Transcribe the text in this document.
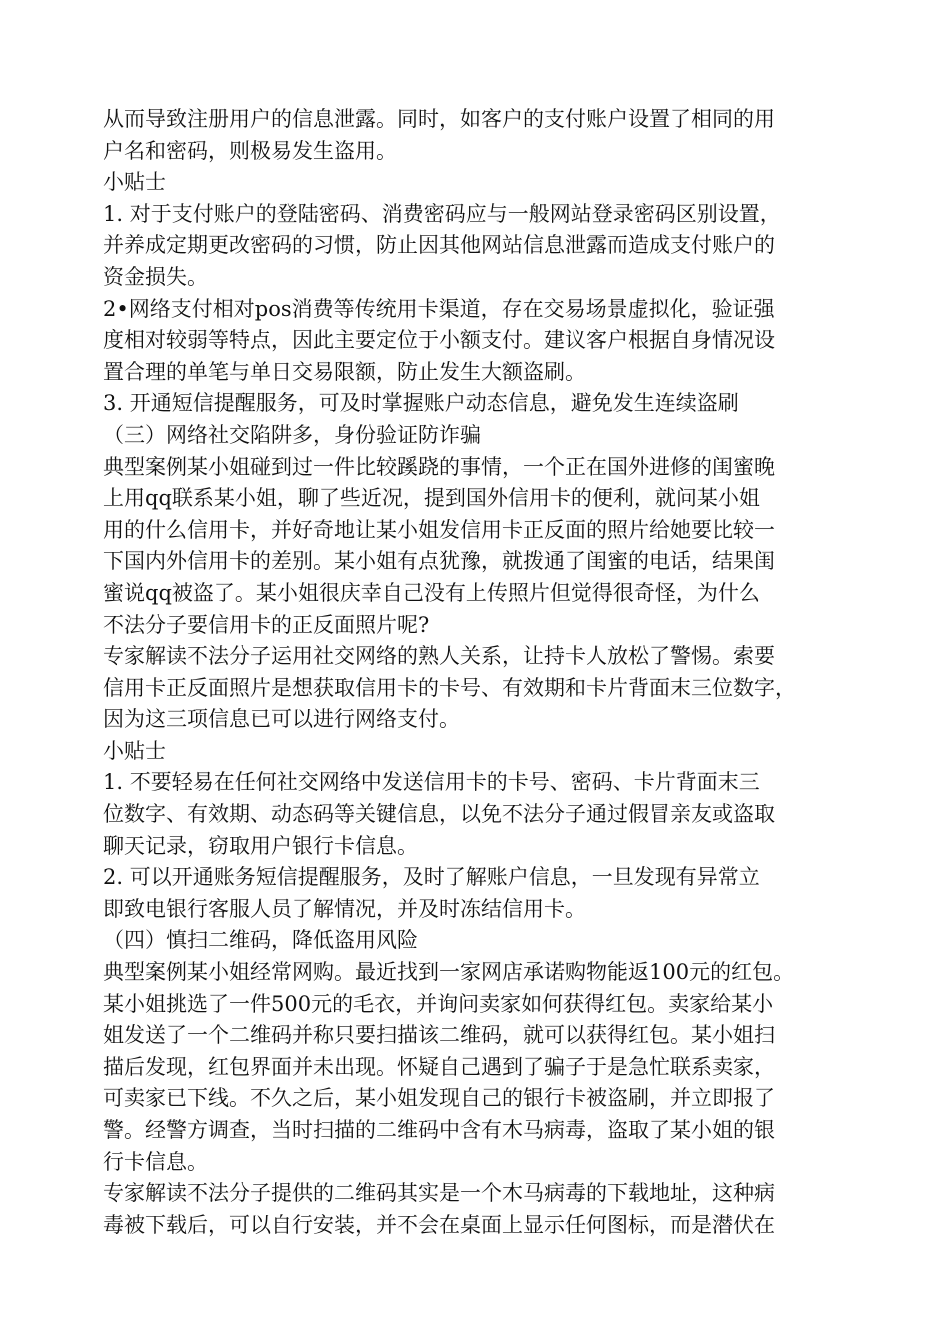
从而导致注册用户的信息泄露。同时，如客户的支付账户设置了相同的用
户名和密码，则极易发生盗用。
小贴士
1. 对于支付账户的登陆密码、消费密码应与一般网站登录密码区别设置，
并养成定期更改密码的习惯，防止因其他网站信息泄露而造成支付账户的
资金损失。
2•网络支付相对pos消费等传统用卡渠道，存在交易场景虚拟化，验证强
度相对较弱等特点，因此主要定位于小额支付。建议客户根据自身情况设
置合理的单笔与单日交易限额，防止发生大额盗刷。
3. 开通短信提醒服务，可及时掌握账户动态信息，避免发生连续盗刷
（三）网络社交陷阱多，身份验证防诈骗
典型案例某小姐碰到过一件比较蹊跷的事情，一个正在国外进修的闺蜜晚
上用qq联系某小姐，聊了些近况，提到国外信用卡的便利，就问某小姐
用的什么信用卡，并好奇地让某小姐发信用卡正反面的照片给她要比较一
下国内外信用卡的差别。某小姐有点犹豫，就拨通了闺蜜的电话，结果闺
蜜说qq被盗了。某小姐很庆幸自己没有上传照片但觉得很奇怪，为什么
不法分子要信用卡的正反面照片呢?
专家解读不法分子运用社交网络的熟人关系，让持卡人放松了警惕。索要
信用卡正反面照片是想获取信用卡的卡号、有效期和卡片背面末三位数字，
因为这三项信息已可以进行网络支付。
小贴士
1. 不要轻易在任何社交网络中发送信用卡的卡号、密码、卡片背面末三
位数字、有效期、动态码等关键信息，以免不法分子通过假冒亲友或盗取
聊天记录，窃取用户银行卡信息。
2. 可以开通账务短信提醒服务，及时了解账户信息，一旦发现有异常立
即致电银行客服人员了解情况，并及时冻结信用卡。
（四）慎扫二维码，降低盗用风险
典型案例某小姐经常网购。最近找到一家网店承诺购物能返100元的红包。
某小姐挑选了一件500元的毛衣，并询问卖家如何获得红包。卖家给某小
姐发送了一个二维码并称只要扫描该二维码，就可以获得红包。某小姐扫
描后发现，红包界面并未出现。怀疑自己遇到了骗子于是急忙联系卖家，
可卖家已下线。不久之后，某小姐发现自己的银行卡被盗刷，并立即报了
警。经警方调查，当时扫描的二维码中含有木马病毒，盗取了某小姐的银
行卡信息。
专家解读不法分子提供的二维码其实是一个木马病毒的下载地址，这种病
毒被下载后，可以自行安装，并不会在桌面上显示任何图标，而是潜伏在
